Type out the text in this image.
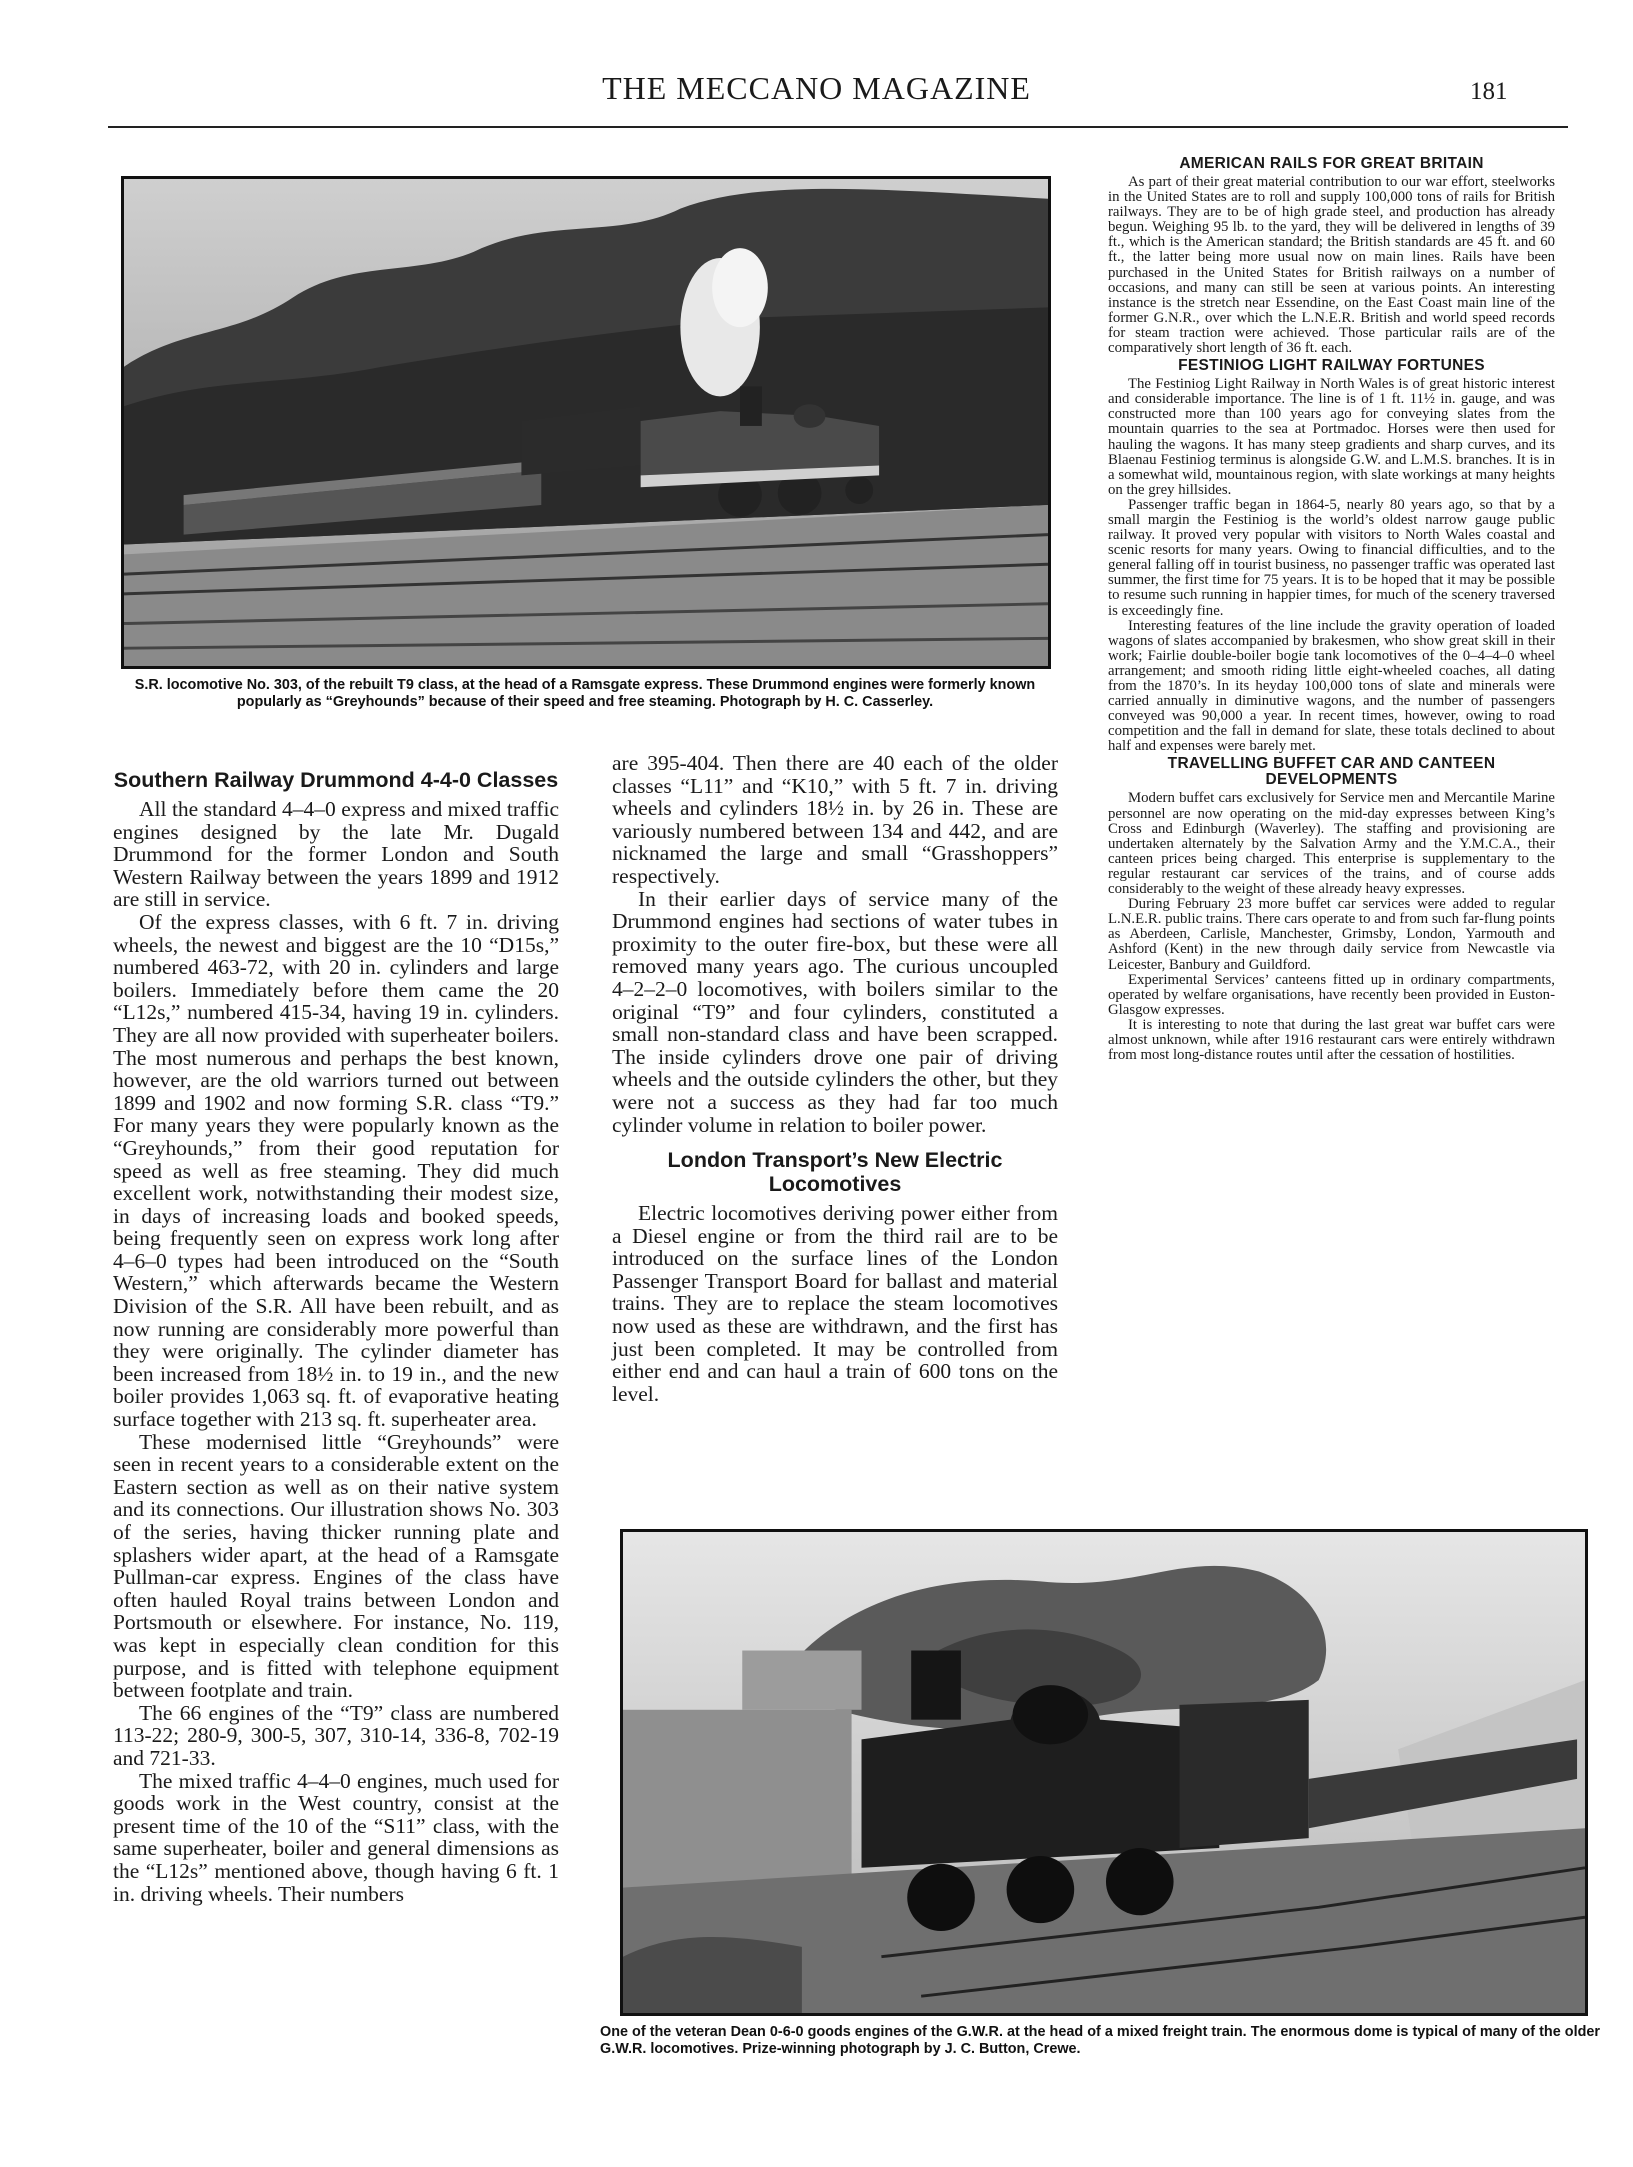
THE MECCANO MAGAZINE	181
S.R. locomotive No. 303, of the rebuilt T9 class, at the head of a Ramsgate express. These Drummond engines were formerly known popularly as “Greyhounds” because of their speed and free steaming. Photograph by H. C. Casserley.
Southern Railway Drummond 4-4-0 Classes

All the standard 4–4–0 express and mixed traffic engines designed by the late Mr. Dugald Drummond for the former London and South Western Railway between the years 1899 and 1912 are still in service.

Of the express classes, with 6 ft. 7 in. driving wheels, the newest and biggest are the 10 “D15s,” numbered 463-72, with 20 in. cylinders and large boilers. Immediately before them came the 20 “L12s,” numbered 415-34, having 19 in. cylinders. They are all now provided with superheater boilers. The most numerous and perhaps the best known, however, are the old warriors turned out between 1899 and 1902 and now forming S.R. class “T9.” For many years they were popularly known as the “Greyhounds,” from their good reputation for speed as well as free steaming. They did much excellent work, notwithstanding their modest size, in days of increasing loads and booked speeds, being frequently seen on express work long after 4–6–0 types had been introduced on the “South Western,” which afterwards became the Western Division of the S.R. All have been rebuilt, and as now running are considerably more powerful than they were originally. The cylinder diameter has been increased from 18½ in. to 19 in., and the new boiler provides 1,063 sq. ft. of evaporative heating surface together with 213 sq. ft. superheater area.

These modernised little “Greyhounds” were seen in recent years to a considerable extent on the Eastern section as well as on their native system and its connections. Our illustration shows No. 303 of the series, having thicker running plate and splashers wider apart, at the head of a Ramsgate Pullman-car express. Engines of the class have often hauled Royal trains between London and Portsmouth or elsewhere. For instance, No. 119, was kept in especially clean condition for this purpose, and is fitted with telephone equipment between footplate and train.

The 66 engines of the “T9” class are numbered 113-22; 280-9, 300-5, 307, 310-14, 336-8, 702-19 and 721-33.

The mixed traffic 4–4–0 engines, much used for goods work in the West country, consist at the present time of the 10 of the “S11” class, with the same superheater, boiler and general dimensions as the “L12s” mentioned above, though having 6 ft. 1 in. driving wheels. Their numbers

are 395-404. Then there are 40 each of the older classes “L11” and “K10,” with 5 ft. 7 in. driving wheels and cylinders 18½ in. by 26 in. These are variously numbered between 134 and 442, and are nicknamed the large and small “Grasshoppers” respectively.

In their earlier days of service many of the Drummond engines had sections of water tubes in proximity to the outer fire-box, but these were all removed many years ago. The curious uncoupled 4–2–2–0 locomotives, with boilers similar to the original “T9” and four cylinders, constituted a small non-standard class and have been scrapped. The inside cylinders drove one pair of driving wheels and the outside cylinders the other, but they were not a success as they had far too much cylinder volume in relation to boiler power.

London Transport’s New Electric Locomotives

Electric locomotives deriving power either from a Diesel engine or from the third rail are to be introduced on the surface lines of the London Passenger Transport Board for ballast and material trains. They are to replace the steam locomotives now used as these are withdrawn, and the first has just been completed. It may be controlled from either end and can haul a train of 600 tons on the level.

AMERICAN RAILS FOR GREAT BRITAIN

As part of their great material contribution to our war effort, steelworks in the United States are to roll and supply 100,000 tons of rails for British railways. They are to be of high grade steel, and production has already begun. Weighing 95 lb. to the yard, they will be delivered in lengths of 39 ft., which is the American standard; the British standards are 45 ft. and 60 ft., the latter being more usual now on main lines. Rails have been purchased in the United States for British railways on a number of occasions, and many can still be seen at various points. An interesting instance is the stretch near Essendine, on the East Coast main line of the former G.N.R., over which the L.N.E.R. British and world speed records for steam traction were achieved. Those particular rails are of the comparatively short length of 36 ft. each.

FESTINIOG LIGHT RAILWAY FORTUNES

The Festiniog Light Railway in North Wales is of great historic interest and considerable importance. The line is of 1 ft. 11½ in. gauge, and was constructed more than 100 years ago for conveying slates from the mountain quarries to the sea at Portmadoc. Horses were then used for hauling the wagons. It has many steep gradients and sharp curves, and its Blaenau Festiniog terminus is alongside G.W. and L.M.S. branches. It is in a somewhat wild, mountainous region, with slate workings at many heights on the grey hillsides.

Passenger traffic began in 1864-5, nearly 80 years ago, so that by a small margin the Festiniog is the world’s oldest narrow gauge public railway. It proved very popular with visitors to North Wales coastal and scenic resorts for many years. Owing to financial difficulties, and to the general falling off in tourist business, no passenger traffic was operated last summer, the first time for 75 years. It is to be hoped that it may be possible to resume such running in happier times, for much of the scenery traversed is exceedingly fine.

Interesting features of the line include the gravity operation of loaded wagons of slates accompanied by brakesmen, who show great skill in their work; Fairlie double-boiler bogie tank locomotives of the 0–4–4–0 wheel arrangement; and smooth riding little eight-wheeled coaches, all dating from the 1870’s. In its heyday 100,000 tons of slate and minerals were carried annually in diminutive wagons, and the number of passengers conveyed was 90,000 a year. In recent times, however, owing to road competition and the fall in demand for slate, these totals declined to about half and expenses were barely met.

TRAVELLING BUFFET CAR AND CANTEEN DEVELOPMENTS

Modern buffet cars exclusively for Service men and Mercantile Marine personnel are now operating on the mid-day expresses between King’s Cross and Edinburgh (Waverley). The staffing and provisioning are undertaken alternately by the Salvation Army and the Y.M.C.A., their canteen prices being charged. This enterprise is supplementary to the regular restaurant car services of the trains, and of course adds considerably to the weight of these already heavy expresses.

During February 23 more buffet car services were added to regular L.N.E.R. public trains. There cars operate to and from such far-flung points as Aberdeen, Carlisle, Manchester, Grimsby, London, Yarmouth and Ashford (Kent) in the new through daily service from Newcastle via Leicester, Banbury and Guildford.

Experimental Services’ canteens fitted up in ordinary compartments, operated by welfare organisations, have recently been provided in Euston-Glasgow expresses.

It is interesting to note that during the last great war buffet cars were almost unknown, while after 1916 restaurant cars were entirely withdrawn from most long-distance routes until after the cessation of hostilities.

One of the veteran Dean 0-6-0 goods engines of the G.W.R. at the head of a mixed freight train. The enormous dome is typical of many of the older G.W.R. locomotives. Prize-winning photograph by J. C. Button, Crewe.
